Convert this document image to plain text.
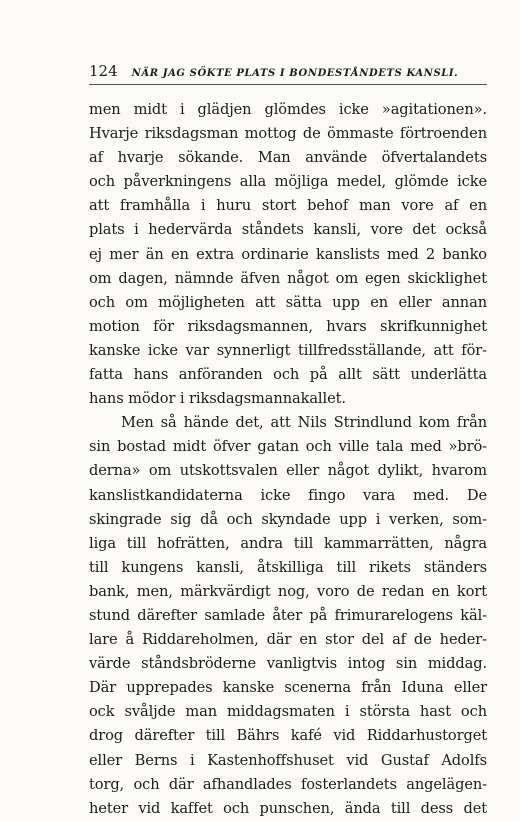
124 NÄR JAG SÖKTE PLATS I BONDESTÅNDETS KANSLI.
men midt i glädjen glömdes icke »agitationen».
Hvarje riksdagsman mottog de ömmaste förtroenden
af hvarje sökande. Man använde öfvertalandets
och påverkningens alla möjliga medel, glömde icke
att framhålla i huru stort behof man vore af en
plats i hedervärda ståndets kansli, vore det också
ej mer än en extra ordinarie kanslists med 2 banko
om dagen, nämnde äfven något om egen skicklighet
och om möjligheten att sätta upp en eller annan
motion för riksdagsmannen, hvars skrifkunnighet
kanske icke var synnerligt tillfredsställande, att för-
fatta hans anföranden och på allt sätt underlätta
hans mödor i riksdagsmannakallet.
Men så hände det, att Nils Strindlund kom från
sin bostad midt öfver gatan och ville tala med »brö-
derna» om utskottsvalen eller något dylikt, hvarom
kanslistkandidaterna icke fingo vara med. De
skingrade sig då och skyndade upp i verken, som-
liga till hofrätten, andra till kammarrätten, några
till kungens kansli, åtskilliga till rikets ständers
bank, men, märkvärdigt nog, voro de redan en kort
stund därefter samlade åter på frimurarelogens käl-
lare å Riddareholmen, där en stor del af de heder-
värde ståndsbröderne vanligtvis intog sin middag.
Där upprepades kanske scenerna från Iduna eller
ock svåljde man middagsmaten i största hast och
drog därefter till Bährs kafé vid Riddarhustorget
eller Berns i Kastenhoffshuset vid Gustaf Adolfs
torg, och där afhandlades fosterlandets angelägen-
heter vid kaffet och punschen, ända till dess det
